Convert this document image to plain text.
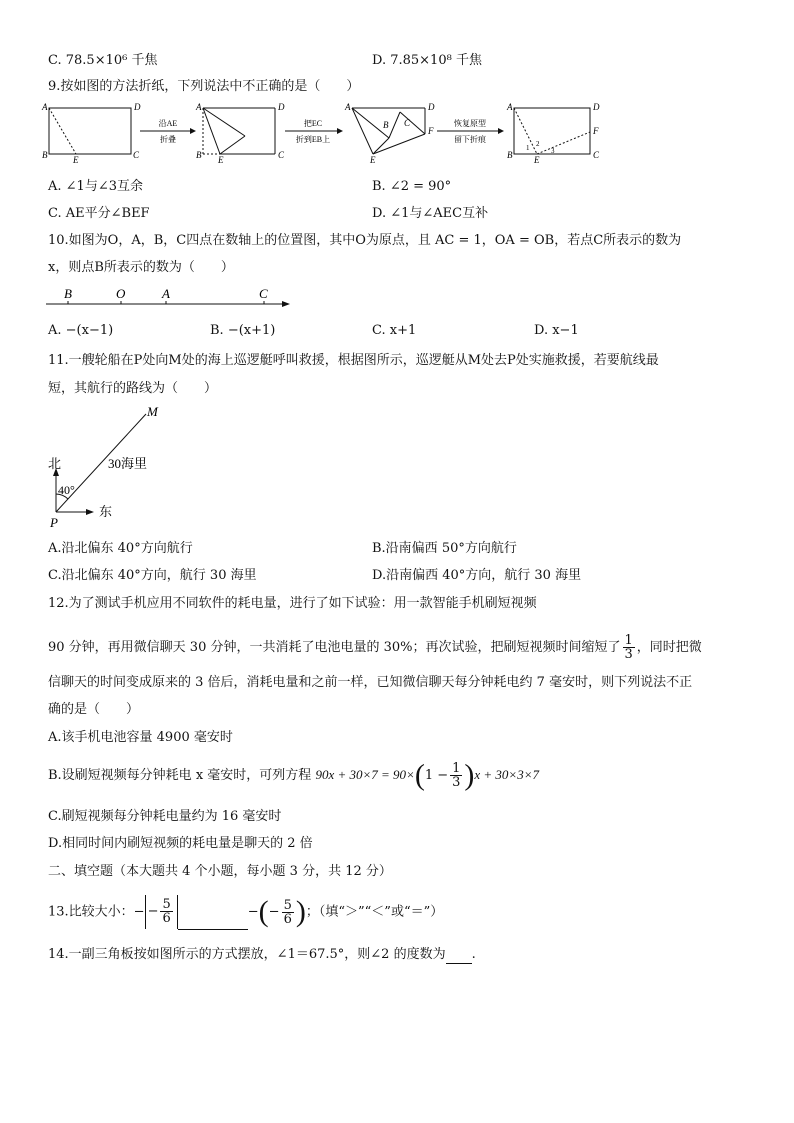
C. 78.5×10⁶ 千焦	D. 7.85×10⁸ 千焦
9.按如图的方法折纸，下列说法中不正确的是（　　）
A	D
B	E	C
沿AE
折叠
A	D
B E	C
把EC
折到EB上
A	D
F
E
C
B	恢复原型
留下折痕
A	D
F
B E	C
1 2
3
A. ∠1与∠3互余	B. ∠2 = 90°
C. AE平分∠BEF	D. ∠1与∠AEC互补
10.如图为O，A，B，C四点在数轴上的位置图，其中O为原点，且 AC = 1，OA = OB，若点C所表示的数为
x，则点B所表示的数为（　　）
B	O	A	C
A. −(x−1)	B. −(x+1)	C. x+1	D. x−1
11.一艘轮船在P处向M处的海上巡逻艇呼叫救援，根据图所示，巡逻艇从M处去P处实施救援，若要航线最
短，其航行的路线为（　　）
北
东
P
M
40°
30海里
A.沿北偏东 40°方向航行	B.沿南偏西 50°方向航行
C.沿北偏东 40°方向，航行 30 海里	D.沿南偏西 40°方向，航行 30 海里
12.为了测试手机应用不同软件的耗电量，进行了如下试验：用一款智能手机刷短视频
90 分钟，再用微信聊天 30 分钟，一共消耗了电池电量的 30%；再次试验，把刷短视频时间缩短了 $\frac{1}{3}$ ，同时把微
信聊天的时间变成原来的 3 倍后，消耗电量和之前一样，已知微信聊天每分钟耗电约 7 毫安时，则下列说法不正
确的是（　　）
A.该手机电池容量 4900 毫安时
B.设刷短视频每分钟耗电 x 毫安时，可列方程 $90x + 30\times 7 = 90\times(1 - \frac{1}{3} )x + 30\times 3\times 7$
C.刷短视频每分钟耗电量约为 16 毫安时
D.相同时间内刷短视频的耗电量是聊天的 2 倍
二、填空题（本大题共 4 个小题，每小题 3 分，共 12 分）
13.比较大小：− − $\frac{5}{6}$	−(− $\frac{5}{6}$ )；（填“＞”“＜”或“＝”）
14.一副三角板按如图所示的方式摆放，∠1＝67.5°，则∠2 的度数为 .
